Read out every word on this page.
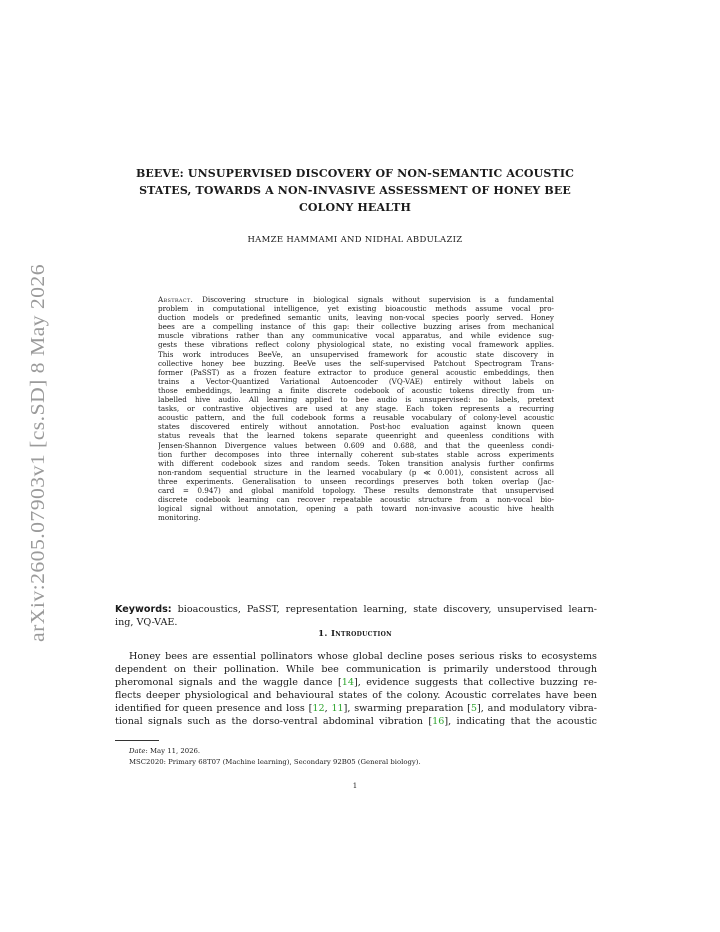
arXiv:2605.07903v1 [cs.SD] 8 May 2026
BEEVE: UNSUPERVISED DISCOVERY OF NON-SEMANTIC ACOUSTIC
STATES, TOWARDS A NON-INVASIVE ASSESSMENT OF HONEY BEE
COLONY HEALTH

HAMZE HAMMAMI AND NIDHAL ABDULAZIZ

Abstract. Discovering structure in biological signals without supervision is a fundamental
problem in computational intelligence, yet existing bioacoustic methods assume vocal pro-
duction models or predefined semantic units, leaving non-vocal species poorly served. Honey
bees are a compelling instance of this gap: their collective buzzing arises from mechanical
muscle vibrations rather than any communicative vocal apparatus, and while evidence sug-
gests these vibrations reflect colony physiological state, no existing vocal framework applies.
This work introduces BeeVe, an unsupervised framework for acoustic state discovery in
collective honey bee buzzing. BeeVe uses the self-supervised Patchout Spectrogram Trans-
former (PaSST) as a frozen feature extractor to produce general acoustic embeddings, then
trains a Vector-Quantized Variational Autoencoder (VQ-VAE) entirely without labels on
those embeddings, learning a finite discrete codebook of acoustic tokens directly from un-
labelled hive audio. All learning applied to bee audio is unsupervised: no labels, pretext
tasks, or contrastive objectives are used at any stage. Each token represents a recurring
acoustic pattern, and the full codebook forms a reusable vocabulary of colony-level acoustic
states discovered entirely without annotation. Post-hoc evaluation against known queen
status reveals that the learned tokens separate queenright and queenless conditions with
Jensen-Shannon Divergence values between 0.609 and 0.688, and that the queenless condi-
tion further decomposes into three internally coherent sub-states stable across experiments
with different codebook sizes and random seeds. Token transition analysis further confirms
non-random sequential structure in the learned vocabulary (p ≪ 0.001), consistent across all
three experiments. Generalisation to unseen recordings preserves both token overlap (Jac-
card = 0.947) and global manifold topology. These results demonstrate that unsupervised
discrete codebook learning can recover repeatable acoustic structure from a non-vocal bio-
logical signal without annotation, opening a path toward non-invasive acoustic hive health
monitoring.
Keywords: bioacoustics, PaSST, representation learning, state discovery, unsupervised learn-
ing, VQ-VAE.
1. Introduction
Honey bees are essential pollinators whose global decline poses serious risks to ecosystems
dependent on their pollination. While bee communication is primarily understood through
pheromonal signals and the waggle dance [14], evidence suggests that collective buzzing re-
flects deeper physiological and behavioural states of the colony. Acoustic correlates have been
identified for queen presence and loss [12, 11], swarming preparation [5], and modulatory vibra-
tional signals such as the dorso-ventral abdominal vibration [16], indicating that the acoustic
Date: May 11, 2026.
MSC2020: Primary 68T07 (Machine learning), Secondary 92B05 (General biology).

1
